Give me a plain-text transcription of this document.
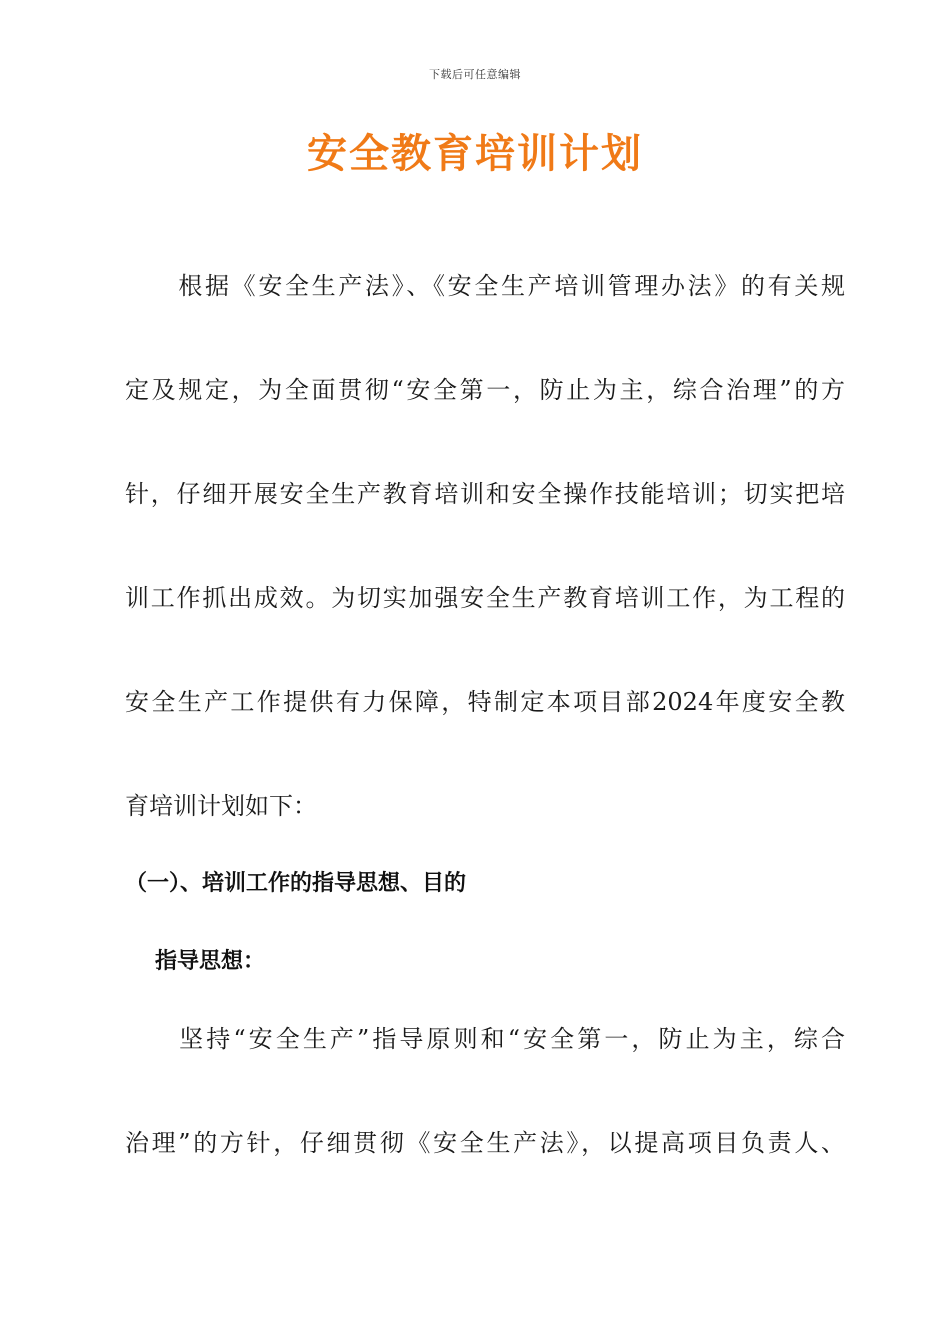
下载后可任意编辑
安全教育培训计划
　　根据《安全生产法》、《安全生产培训管理办法》的有关规
定及规定，为全面贯彻“安全第一，防止为主，综合治理”的方
针，仔细开展安全生产教育培训和安全操作技能培训；切实把培
训工作抓出成效。为切实加强安全生产教育培训工作，为工程的
安全生产工作提供有力保障，特制定本项目部2024年度安全教
育培训计划如下：
（一）、培训工作的指导思想、目的
指导思想：
　　坚持“安全生产”指导原则和“安全第一，防止为主，综合
治理”的方针，仔细贯彻《安全生产法》，以提高项目负责人、
